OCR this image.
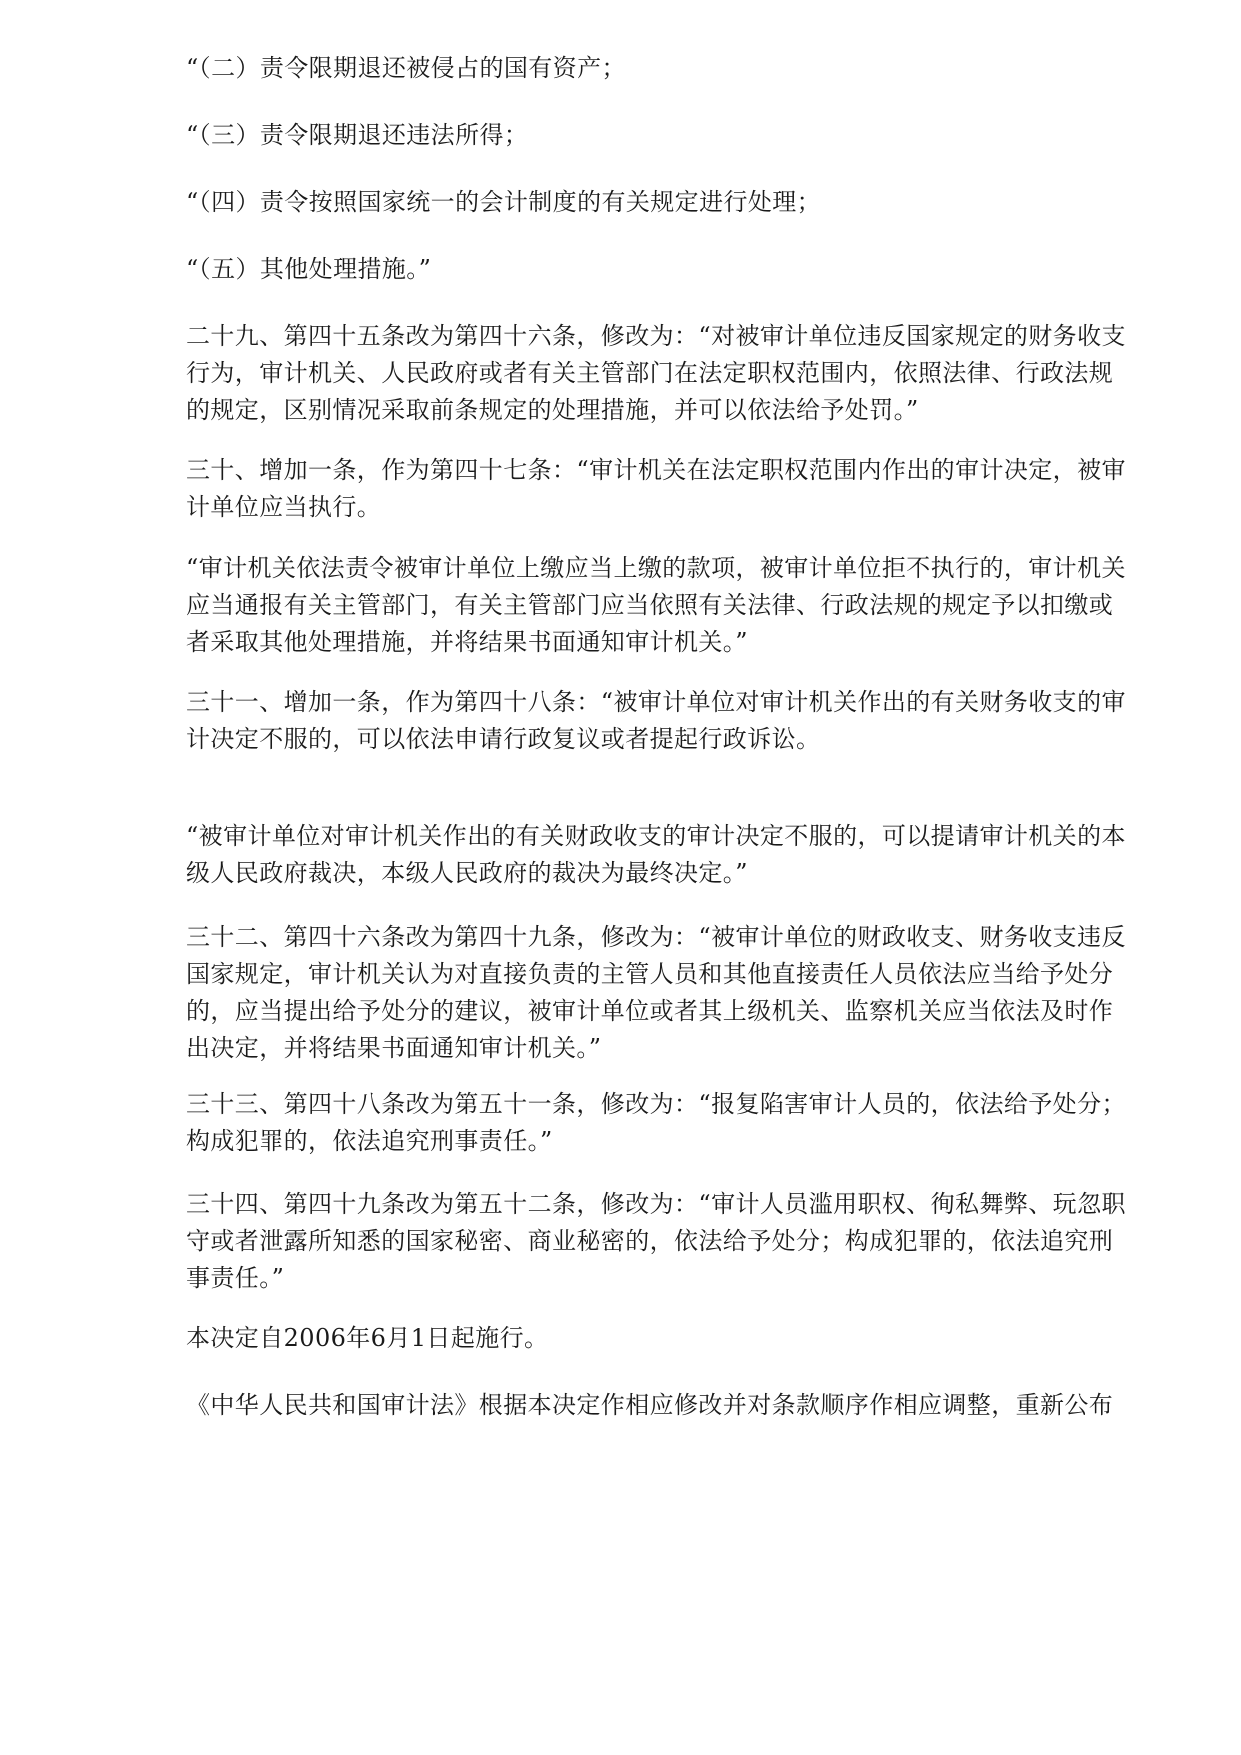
“（二）责令限期退还被侵占的国有资产；

“（三）责令限期退还违法所得；

“（四）责令按照国家统一的会计制度的有关规定进行处理；

“（五）其他处理措施。”

二十九、第四十五条改为第四十六条，修改为：“对被审计单位违反国家规定的财务收支行为，审计机关、人民政府或者有关主管部门在法定职权范围内，依照法律、行政法规的规定，区别情况采取前条规定的处理措施，并可以依法给予处罚。”

三十、增加一条，作为第四十七条：“审计机关在法定职权范围内作出的审计决定，被审计单位应当执行。

“审计机关依法责令被审计单位上缴应当上缴的款项，被审计单位拒不执行的，审计机关应当通报有关主管部门，有关主管部门应当依照有关法律、行政法规的规定予以扣缴或者采取其他处理措施，并将结果书面通知审计机关。”

三十一、增加一条，作为第四十八条：“被审计单位对审计机关作出的有关财务收支的审计决定不服的，可以依法申请行政复议或者提起行政诉讼。

“被审计单位对审计机关作出的有关财政收支的审计决定不服的，可以提请审计机关的本级人民政府裁决，本级人民政府的裁决为最终决定。”

三十二、第四十六条改为第四十九条，修改为：“被审计单位的财政收支、财务收支违反国家规定，审计机关认为对直接负责的主管人员和其他直接责任人员依法应当给予处分的，应当提出给予处分的建议，被审计单位或者其上级机关、监察机关应当依法及时作出决定，并将结果书面通知审计机关。”

三十三、第四十八条改为第五十一条，修改为：“报复陷害审计人员的，依法给予处分；构成犯罪的，依法追究刑事责任。”

三十四、第四十九条改为第五十二条，修改为：“审计人员滥用职权、徇私舞弊、玩忽职守或者泄露所知悉的国家秘密、商业秘密的，依法给予处分；构成犯罪的，依法追究刑事责任。”

本决定自2006年6月1日起施行。

《中华人民共和国审计法》根据本决定作相应修改并对条款顺序作相应调整，重新公布
